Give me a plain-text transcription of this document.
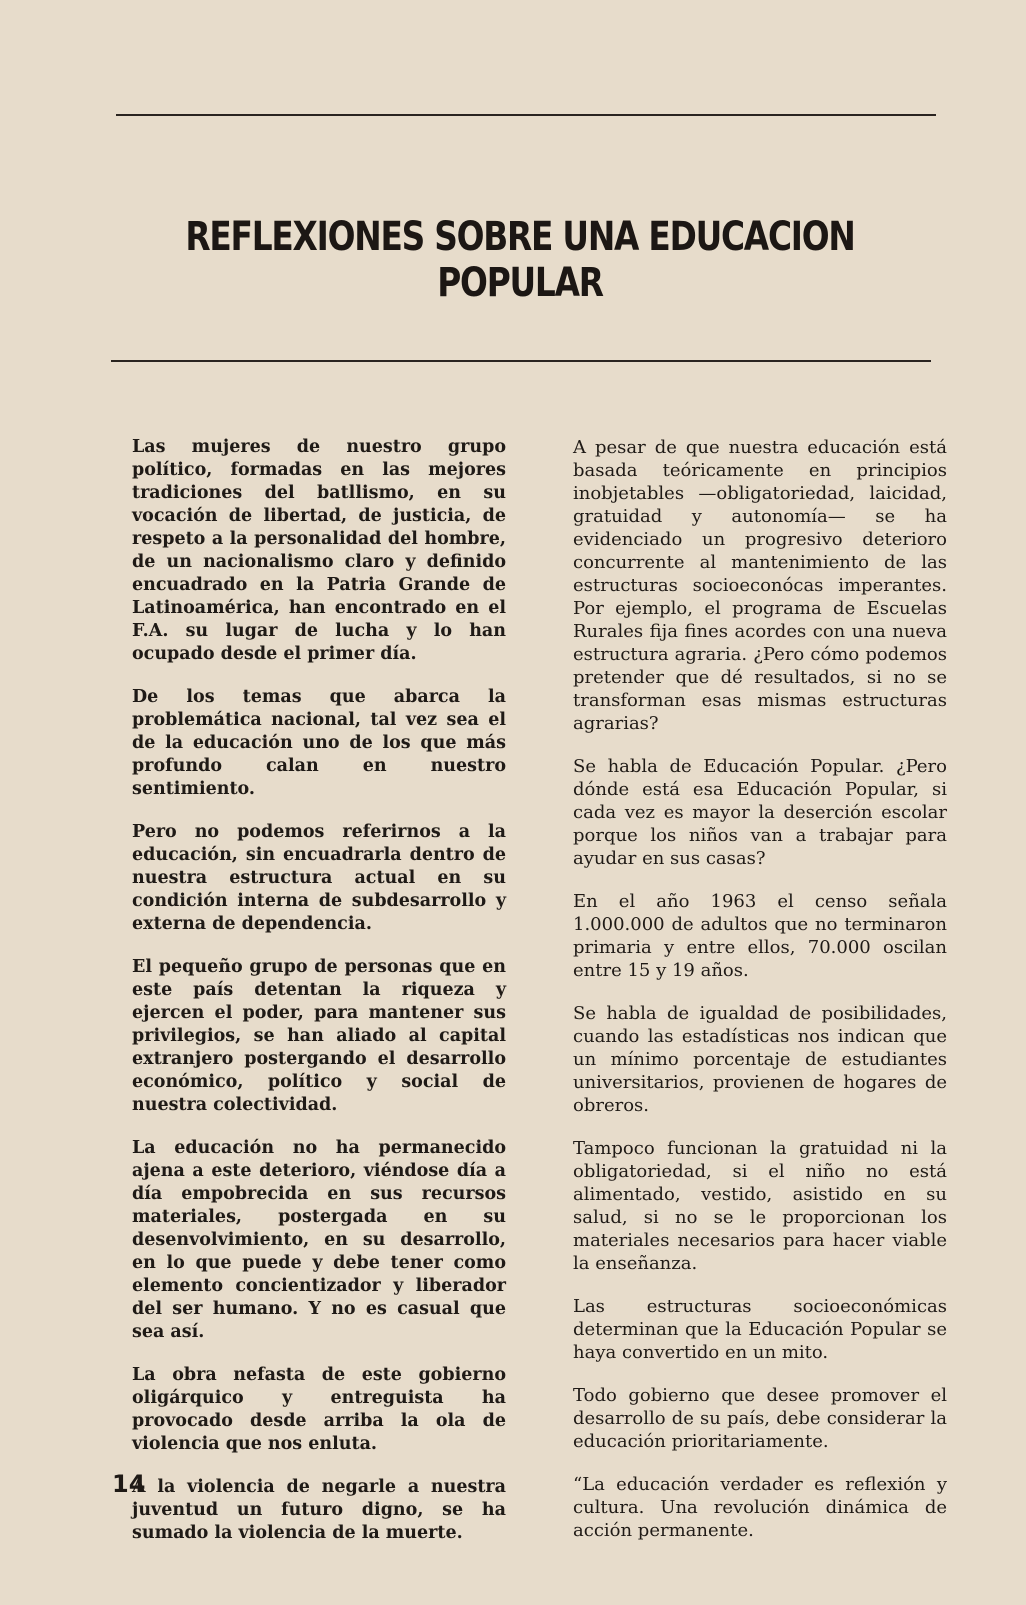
REFLEXIONES SOBRE UNA EDUCACION POPULAR

Las mujeres de nuestro grupo político, formadas en las mejores tradiciones del batllismo, en su vocación de libertad, de justicia, de respeto a la personalidad del hombre, de un nacionalismo claro y definido encuadrado en la Patria Grande de Latinoamérica, han encontrado en el F.A. su lugar de lucha y lo han ocupado desde el primer día.

De los temas que abarca la problemática nacional, tal vez sea el de la educación uno de los que más profundo calan en nuestro sentimiento.

Pero no podemos referirnos a la educación, sin encuadrarla dentro de nuestra estructura actual en su condición interna de subdesarrollo y externa de dependencia.

El pequeño grupo de personas que en este país detentan la riqueza y ejercen el poder, para mantener sus privilegios, se han aliado al capital extranjero postergando el desarrollo económico, político y social de nuestra colectividad.

La educación no ha permanecido ajena a este deterioro, viéndose día a día empobrecida en sus recursos materiales, postergada en su desenvolvimiento, en su desarrollo, en lo que puede y debe tener como elemento concientizador y liberador del ser humano. Y no es casual que sea así.

La obra nefasta de este gobierno oligárquico y entreguista ha provocado desde arriba la ola de violencia que nos enluta.

A la violencia de negarle a nuestra juventud un futuro digno, se ha sumado la violencia de la muerte.

A pesar de que nuestra educación está basada teóricamente en principios inobjetables —obligatoriedad, laicidad, gratuidad y autonomía— se ha evidenciado un progresivo deterioro concurrente al mantenimiento de las estructuras socioeconócas imperantes. Por ejemplo, el programa de Escuelas Rurales fija fines acordes con una nueva estructura agraria. ¿Pero cómo podemos pretender que dé resultados, si no se transforman esas mismas estructuras agrarias?

Se habla de Educación Popular. ¿Pero dónde está esa Educación Popular, si cada vez es mayor la deserción escolar porque los niños van a trabajar para ayudar en sus casas?

En el año 1963 el censo señala 1.000.000 de adultos que no terminaron primaria y entre ellos, 70.000 oscilan entre 15 y 19 años.

Se habla de igualdad de posibilidades, cuando las estadísticas nos indican que un mínimo porcentaje de estudiantes universitarios, provienen de hogares de obreros.

Tampoco funcionan la gratuidad ni la obligatoriedad, si el niño no está alimentado, vestido, asistido en su salud, si no se le proporcionan los materiales necesarios para hacer viable la enseñanza.

Las estructuras socioeconómicas determinan que la Educación Popular se haya convertido en un mito.

Todo gobierno que desee promover el desarrollo de su país, debe considerar la educación prioritariamente.

“La educación verdader es reflexión y cultura. Una revolución dinámica de acción permanente.

14
